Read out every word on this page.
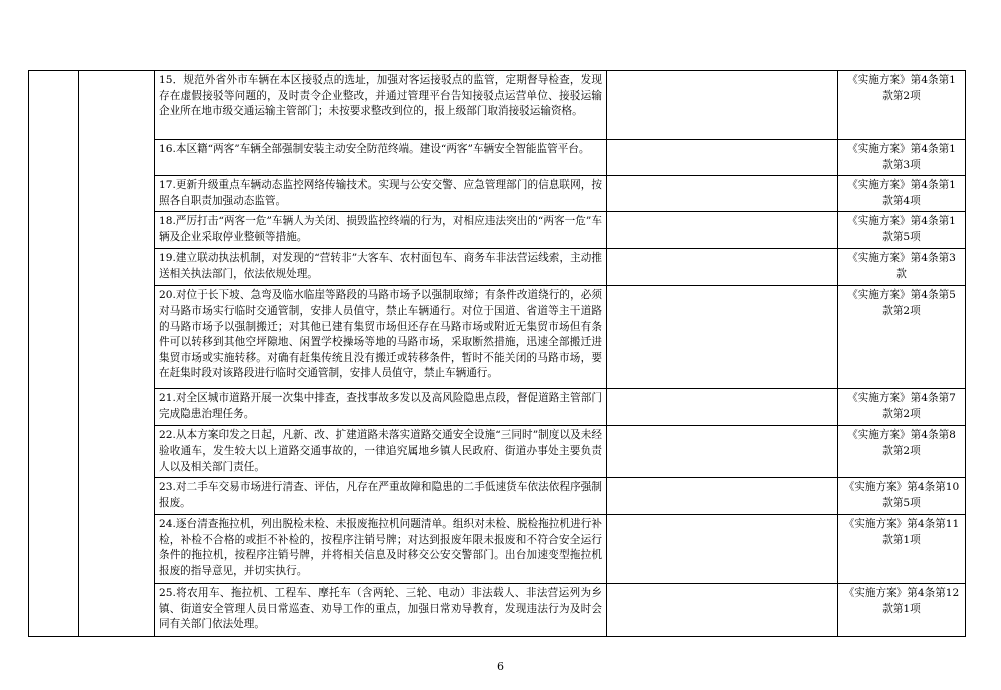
		15．规范外省外市车辆在本区接驳点的选址，加强对客运接驳点的监管，定期督导检查，发现存在虚假接驳等问题的，及时责令企业整改，并通过管理平台告知接驳点运营单位、接驳运输企业所在地市级交通运输主管部门；未按要求整改到位的，报上级部门取消接驳运输资格。		《实施方案》第4条第1款第2项
		16.本区籍“两客”车辆全部强制安装主动安全防范终端。建设“两客”车辆安全智能监管平台。		《实施方案》第4条第1款第3项
		17.更新升级重点车辆动态监控网络传输技术。实现与公安交警、应急管理部门的信息联网，按照各自职责加强动态监管。		《实施方案》第4条第1款第4项
		18.严厉打击“两客一危”车辆人为关闭、损毁监控终端的行为，对相应违法突出的“两客一危”车辆及企业采取停业整顿等措施。		《实施方案》第4条第1款第5项
		19.建立联动执法机制，对发现的“营转非”大客车、农村面包车、商务车非法营运线索，主动推送相关执法部门，依法依规处理。		《实施方案》第4条第3款
		20.对位于长下坡、急弯及临水临崖等路段的马路市场予以强制取缔；有条件改道绕行的，必须对马路市场实行临时交通管制，安排人员值守，禁止车辆通行。对位于国道、省道等主干道路的马路市场予以强制搬迁；对其他已建有集贸市场但还存在马路市场或附近无集贸市场但有条件可以转移到其他空坪隙地、闲置学校操场等地的马路市场，采取断然措施，迅速全部搬迁进集贸市场或实施转移。对确有赶集传统且没有搬迁或转移条件，暂时不能关闭的马路市场，要在赶集时段对该路段进行临时交通管制，安排人员值守，禁止车辆通行。		《实施方案》第4条第5款第2项
		21.对全区城市道路开展一次集中排查，查找事故多发以及高风险隐患点段，督促道路主管部门完成隐患治理任务。		《实施方案》第4条第7款第2项
		22.从本方案印发之日起，凡新、改、扩建道路未落实道路交通安全设施“三同时”制度以及未经验收通车，发生较大以上道路交通事故的，一律追究属地乡镇人民政府、街道办事处主要负责人以及相关部门责任。		《实施方案》第4条第8款第2项
		23.对二手车交易市场进行清查、评估，凡存在严重故障和隐患的二手低速货车依法依程序强制报废。		《实施方案》第4条第10款第5项
		24.逐台清查拖拉机，列出脱检未检、未报废拖拉机问题清单。组织对未检、脱检拖拉机进行补检，补检不合格的或拒不补检的，按程序注销号牌；对达到报废年限未报废和不符合安全运行条件的拖拉机，按程序注销号牌，并将相关信息及时移交公安交警部门。出台加速变型拖拉机报废的指导意见，并切实执行。		《实施方案》第4条第11款第1项
		25.将农用车、拖拉机、工程车、摩托车（含两轮、三轮、电动）非法载人、非法营运列为乡镇、街道安全管理人员日常巡查、劝导工作的重点，加强日常劝导教育，发现违法行为及时会同有关部门依法处理。		《实施方案》第4条第12款第1项
6
